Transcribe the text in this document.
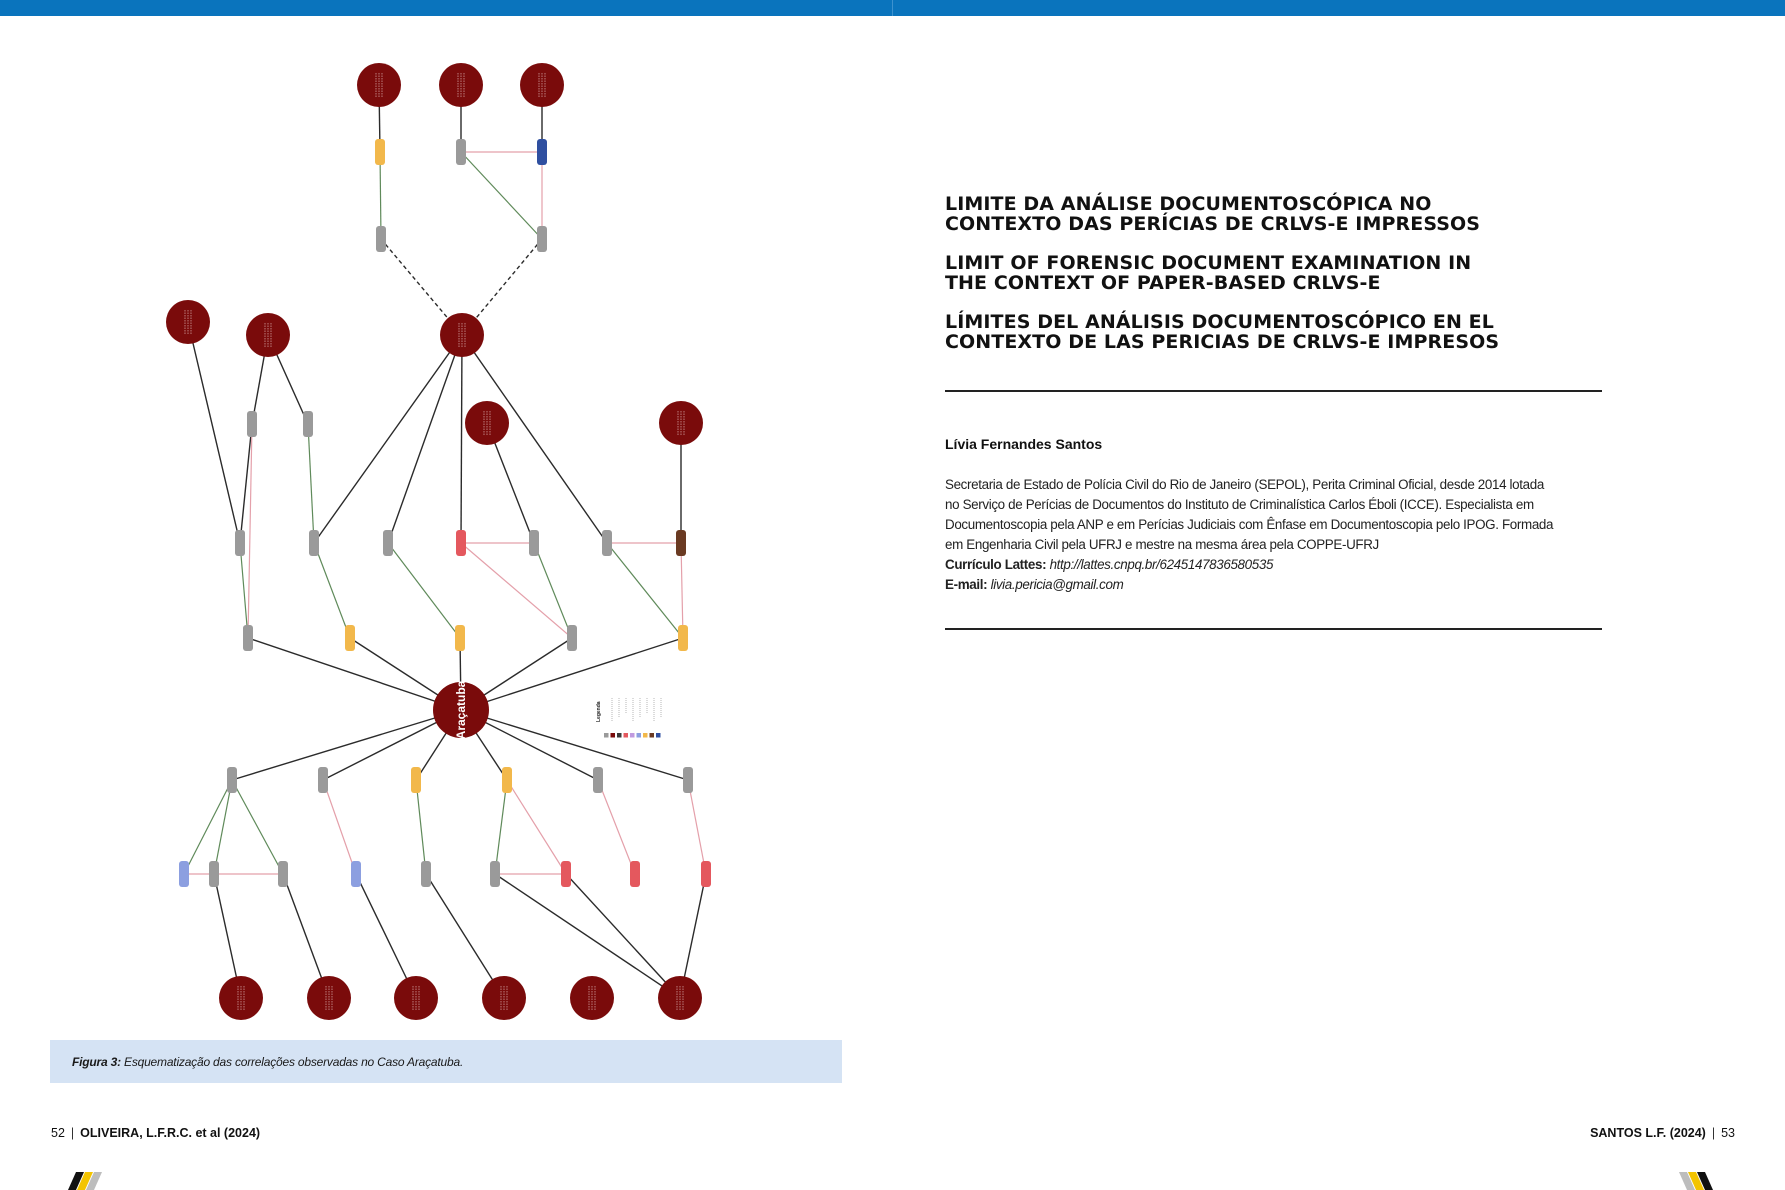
Legenda
Araçatuba
Figura 3: Esquematização das correlações observadas no Caso Araçatuba.
52 | OLIVEIRA, L.F.R.C. et al (2024)	SANTOS L.F. (2024) | 53
LIMITE DA ANÁLISE DOCUMENTOSCÓPICA NO
CONTEXTO DAS PERÍCIAS DE CRLVS-E IMPRESSOS
LIMIT OF FORENSIC DOCUMENT EXAMINATION IN
THE CONTEXT OF PAPER-BASED CRLVS-E
LÍMITES DEL ANÁLISIS DOCUMENTOSCÓPICO EN EL
CONTEXTO DE LAS PERICIAS DE CRLVS-E IMPRESOS
Lívia Fernandes Santos
Secretaria de Estado de Polícia Civil do Rio de Janeiro (SEPOL), Perita Criminal Oficial, desde 2014 lotada
no Serviço de Perícias de Documentos do Instituto de Criminalística Carlos Éboli (ICCE). Especialista em
Documentoscopia pela ANP e em Perícias Judiciais com Ênfase em Documentoscopia pelo IPOG. Formada
em Engenharia Civil pela UFRJ e mestre na mesma área pela COPPE-UFRJ
Currículo Lattes: http://lattes.cnpq.br/6245147836580535
E-mail: livia.pericia@gmail.com
